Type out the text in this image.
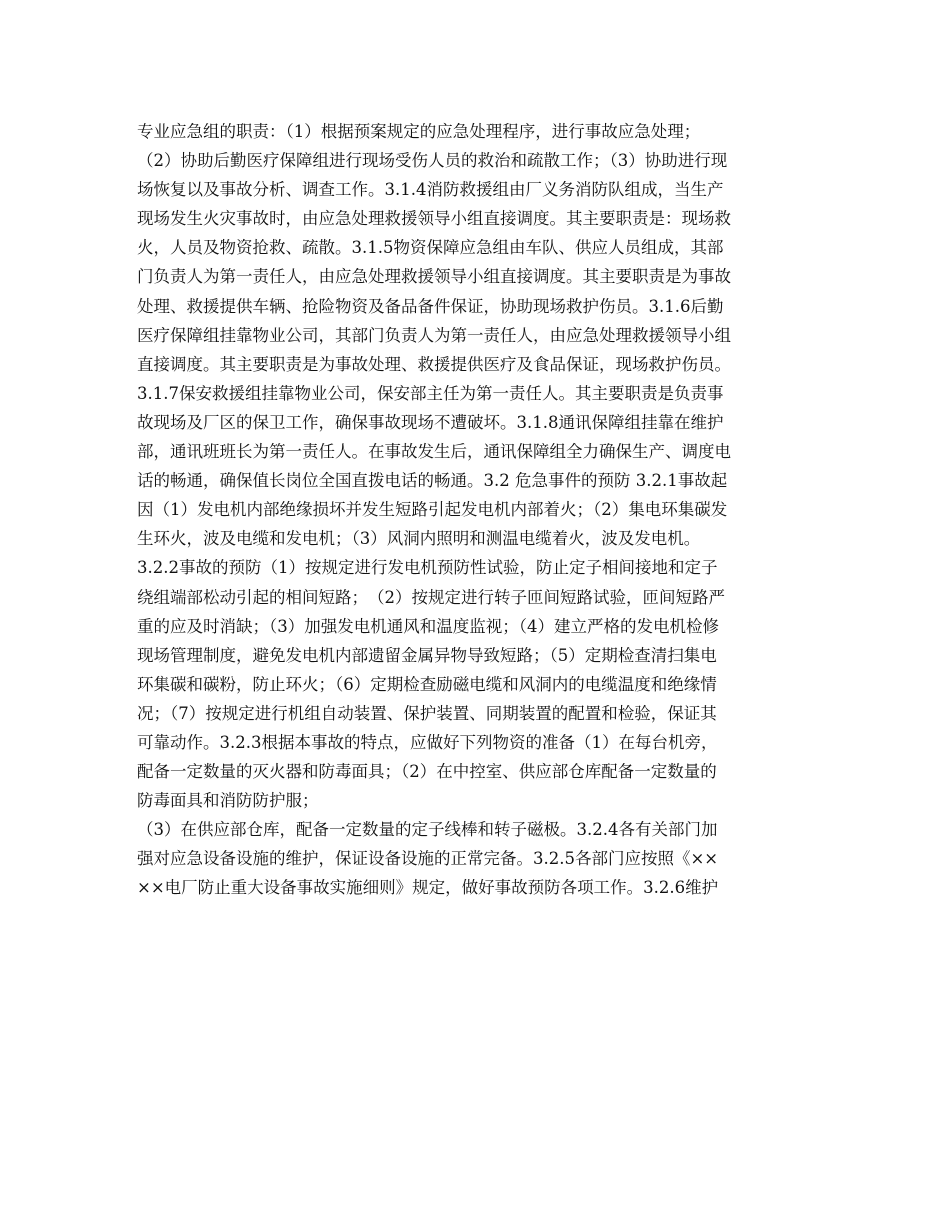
专业应急组的职责：（1）根据预案规定的应急处理程序，进行事故应急处理；
（2）协助后勤医疗保障组进行现场受伤人员的救治和疏散工作；（3）协助进行现
场恢复以及事故分析、调查工作。3.1.4消防救援组由厂义务消防队组成，当生产
现场发生火灾事故时，由应急处理救援领导小组直接调度。其主要职责是：现场救
火，人员及物资抢救、疏散。3.1.5物资保障应急组由车队、供应人员组成，其部
门负责人为第一责任人，由应急处理救援领导小组直接调度。其主要职责是为事故
处理、救援提供车辆、抢险物资及备品备件保证，协助现场救护伤员。3.1.6后勤
医疗保障组挂靠物业公司，其部门负责人为第一责任人，由应急处理救援领导小组
直接调度。其主要职责是为事故处理、救援提供医疗及食品保证，现场救护伤员。
3.1.7保安救援组挂靠物业公司，保安部主任为第一责任人。其主要职责是负责事
故现场及厂区的保卫工作，确保事故现场不遭破坏。3.1.8通讯保障组挂靠在维护
部，通讯班班长为第一责任人。在事故发生后，通讯保障组全力确保生产、调度电
话的畅通，确保值长岗位全国直拨电话的畅通。3.2 危急事件的预防 3.2.1事故起
因（1）发电机内部绝缘损坏并发生短路引起发电机内部着火；（2）集电环集碳发
生环火，波及电缆和发电机；（3）风洞内照明和测温电缆着火，波及发电机。
3.2.2事故的预防（1）按规定进行发电机预防性试验，防止定子相间接地和定子
绕组端部松动引起的相间短路；　（2）按规定进行转子匝间短路试验，匝间短路严
重的应及时消缺；（3）加强发电机通风和温度监视；（4）建立严格的发电机检修
现场管理制度，避免发电机内部遗留金属异物导致短路；（5）定期检查清扫集电
环集碳和碳粉，防止环火；（6）定期检查励磁电缆和风洞内的电缆温度和绝缘情
况；（7）按规定进行机组自动装置、保护装置、同期装置的配置和检验，保证其
可靠动作。3.2.3根据本事故的特点，应做好下列物资的准备（1）在每台机旁，
配备一定数量的灭火器和防毒面具；（2）在中控室、供应部仓库配备一定数量的
防毒面具和消防防护服；
（3）在供应部仓库，配备一定数量的定子线棒和转子磁极。3.2.4各有关部门加
强对应急设备设施的维护，保证设备设施的正常完备。3.2.5各部门应按照《××
××电厂防止重大设备事故实施细则》规定，做好事故预防各项工作。3.2.6维护
